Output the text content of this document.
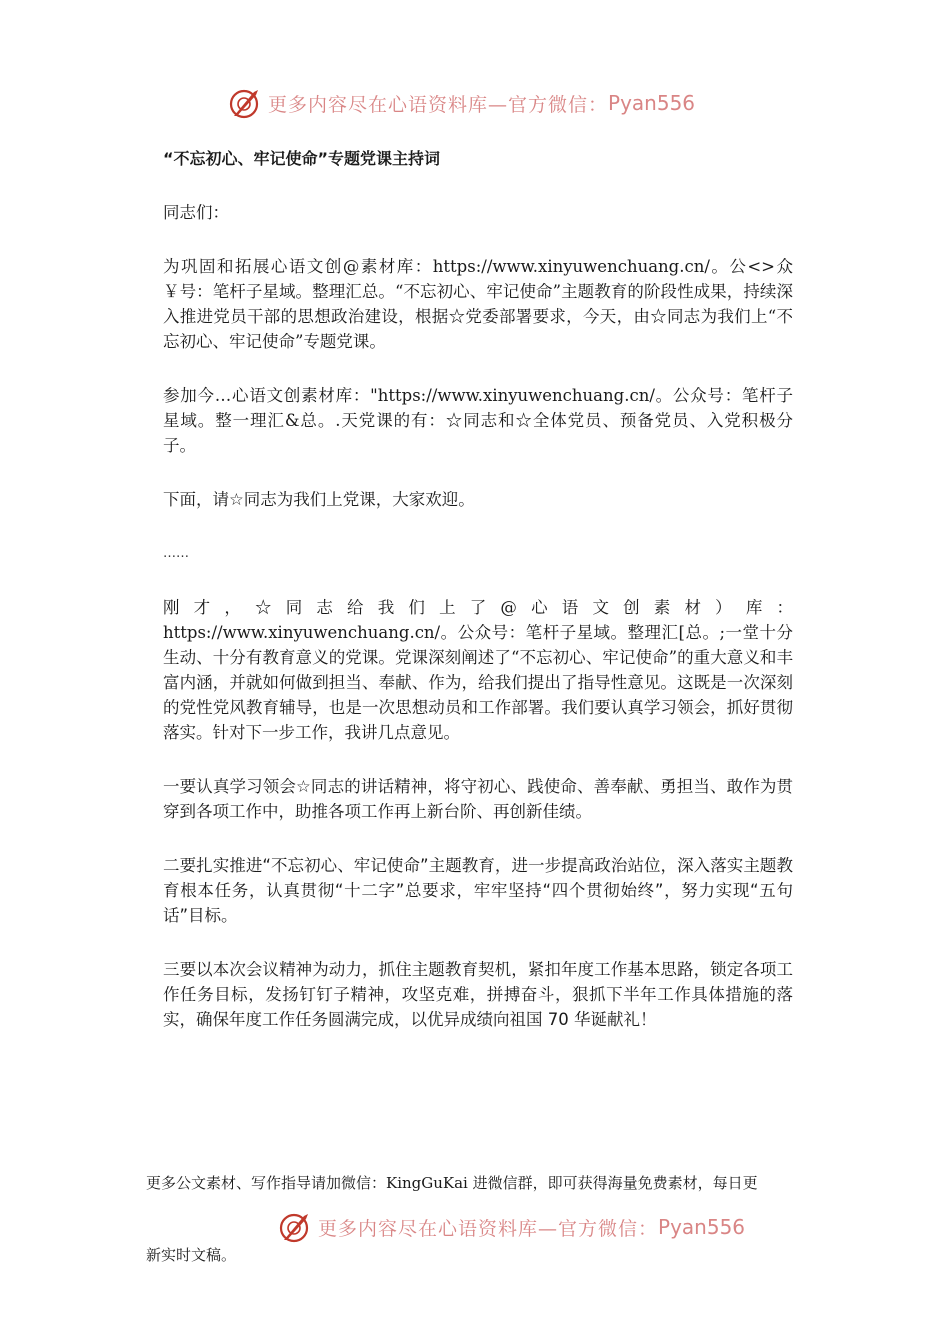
更多内容尽在心语资料库—官方微信： Pyan556

“不忘初心、牢记使命”专题党课主持词

同志们：

为巩固和拓展心语文创@素材库：https://www.xinyuwenchuang.cn/。公<>众￥号：笔杆子星域。整理汇总。“不忘初心、牢记使命”主题教育的阶段性成果，持续深入推进党员干部的思想政治建设，根据☆党委部署要求，今天，由☆同志为我们上“不忘初心、牢记使命”专题党课。

参加今…心语文创素材库："https://www.xinyuwenchuang.cn/。公众号：笔杆子星域。整一理汇&总。.天党课的有：☆同志和☆全体党员、预备党员、入党积极分子。

下面，请☆同志为我们上党课，大家欢迎。

……

刚才，☆同志给我们上了@心语文创素材）库：https://www.xinyuwenchuang.cn/。公众号：笔杆子星域。整理汇[总。;一堂十分生动、十分有教育意义的党课。党课深刻阐述了“不忘初心、牢记使命”的重大意义和丰富内涵，并就如何做到担当、奉献、作为，给我们提出了指导性意见。这既是一次深刻的党性党风教育辅导，也是一次思想动员和工作部署。我们要认真学习领会，抓好贯彻落实。针对下一步工作，我讲几点意见。

一要认真学习领会☆同志的讲话精神，将守初心、践使命、善奉献、勇担当、敢作为贯穿到各项工作中，助推各项工作再上新台阶、再创新佳绩。

二要扎实推进“不忘初心、牢记使命”主题教育，进一步提高政治站位，深入落实主题教育根本任务，认真贯彻“十二字”总要求，牢牢坚持“四个贯彻始终”，努力实现“五句话”目标。

三要以本次会议精神为动力，抓住主题教育契机，紧扣年度工作基本思路，锁定各项工作任务目标，发扬钉钉子精神，攻坚克难，拼搏奋斗，狠抓下半年工作具体措施的落实，确保年度工作任务圆满完成，以优异成绩向祖国 70 华诞献礼！

更多公文素材、写作指导请加微信：KingGuKai 进微信群，即可获得海量免费素材，每日更
更多内容尽在心语资料库—官方微信： Pyan556
新实时文稿。
